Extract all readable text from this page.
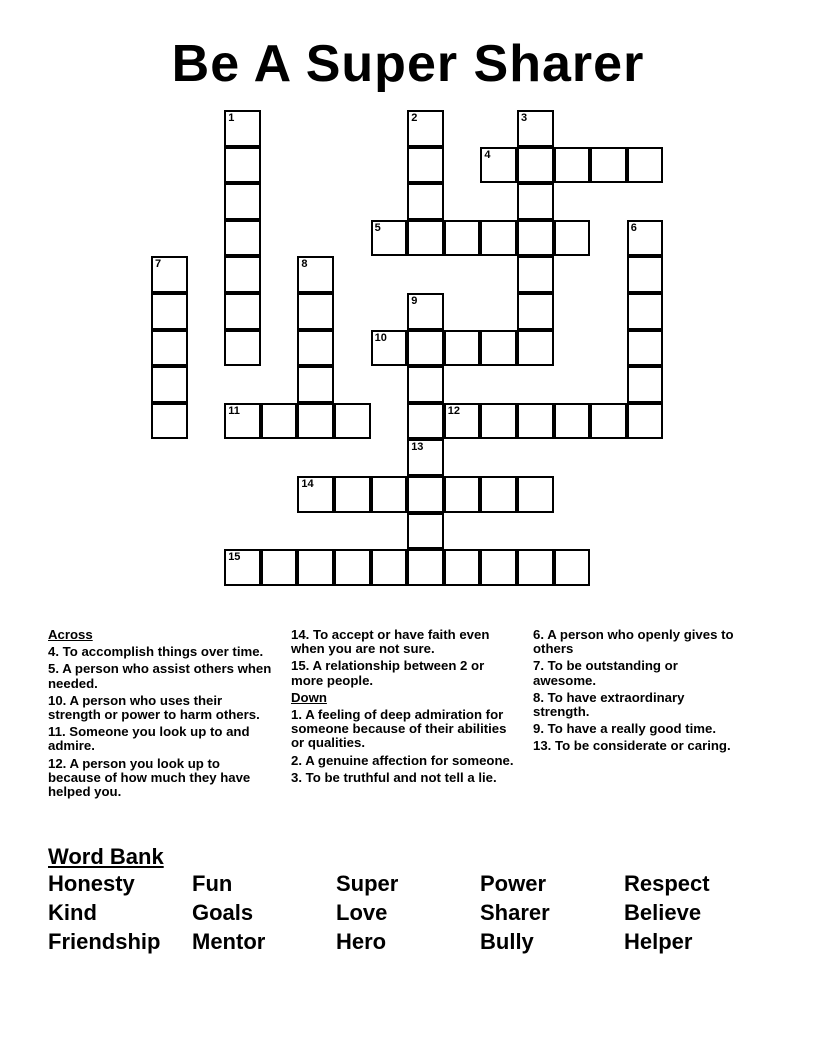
Be A Super Sharer
1	2	3
4
5	6
7	8
9
10
11	12
13
14
15
Across
4. To accomplish things over time.
5. A person who assist others when needed.
10. A person who uses their strength or power to harm others.
11. Someone you look up to and admire.
12. A person you look up to because of how much they have helped you.
14. To accept or have faith even when you are not sure.
15. A relationship between 2 or more people.
Down
1. A feeling of deep admiration for someone because of their abilities or qualities.
2. A genuine affection for someone.
3. To be truthful and not tell a lie.
6. A person who openly gives to others
7. To be outstanding or awesome.
8. To have extraordinary strength.
9. To have a really good time.
13. To be considerate or caring.
Word Bank
Honesty	Fun	Super	Power	Respect
Kind	Goals	Love	Sharer	Believe
Friendship	Mentor	Hero	Bully	Helper
